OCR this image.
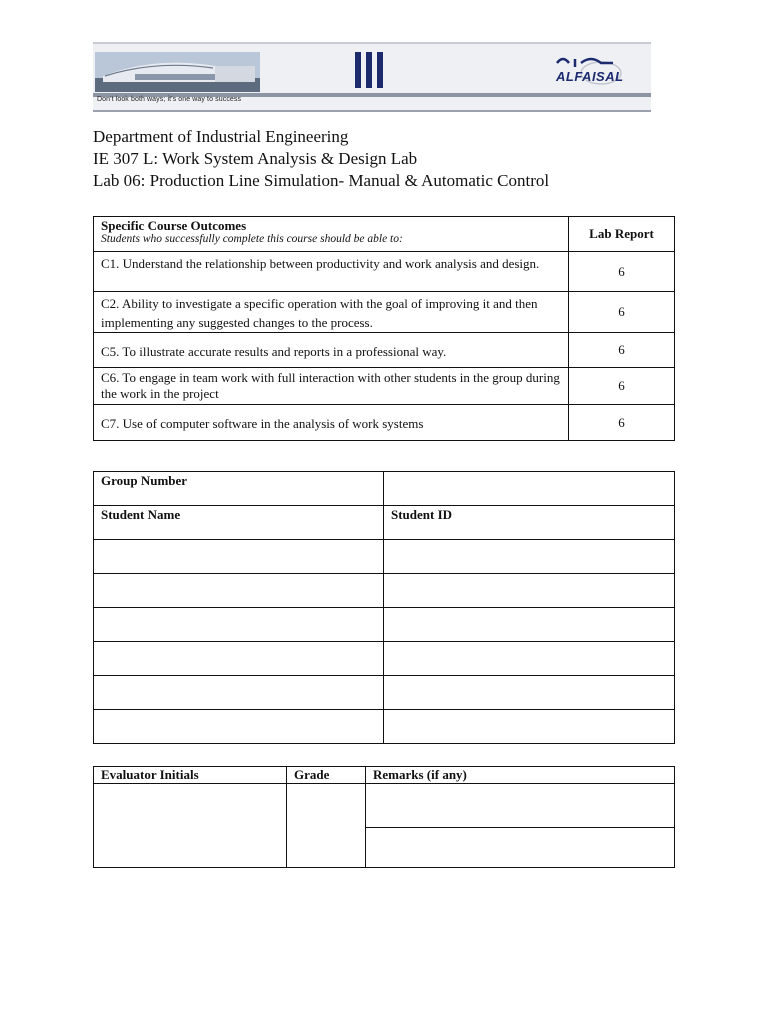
Don't look both ways; it's one way to success
ALFAISAL
Department of Industrial Engineering
IE 307 L: Work System Analysis & Design Lab
Lab 06: Production Line Simulation- Manual & Automatic Control
Specific Course Outcomes
Students who successfully complete this course should be able to:	Lab Report
C1. Understand the relationship between productivity and work analysis and design.	6
C2. Ability to investigate a specific operation with the goal of improving it and then implementing any suggested changes to the process.	6
C5. To illustrate accurate results and reports in a professional way.	6
C6. To engage in team work with full interaction with other students in the group during the work in the project	6
C7. Use of computer software in the analysis of work systems	6
Group Number	
Student Name	Student ID

Evaluator Initials	Grade	Remarks (if any)
